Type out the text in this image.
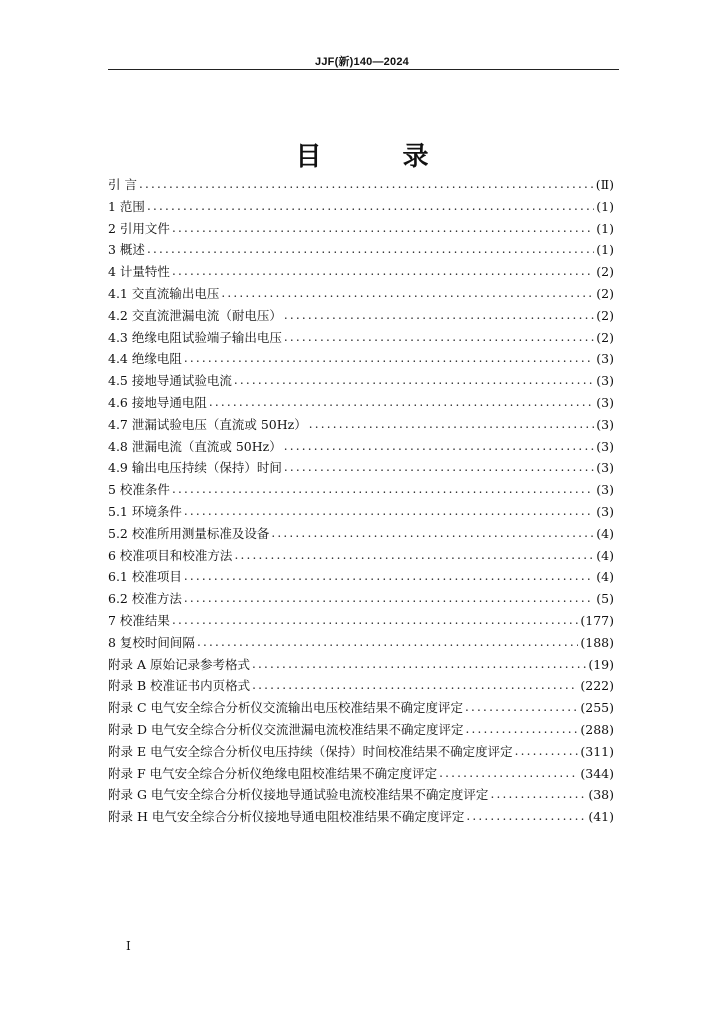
JJF(新)140—2024
目 录
引 言 .....	(Ⅱ)
1 范围 .....	(1)
2 引用文件 .....	(1)
3 概述 .....	(1)
4 计量特性 .....	(2)
4.1 交直流输出电压 .....	(2)
4.2 交直流泄漏电流（耐电压） .....	(2)
4.3 绝缘电阻试验端子输出电压 .....	(2)
4.4 绝缘电阻 .....	(3)
4.5 接地导通试验电流 .....	(3)
4.6 接地导通电阻 .....	(3)
4.7 泄漏试验电压（直流或 50Hz） .....	(3)
4.8 泄漏电流（直流或 50Hz） .....	(3)
4.9 输出电压持续（保持）时间 .....	(3)
5 校准条件 .....	(3)
5.1 环境条件 .....	(3)
5.2 校准所用测量标准及设备 .....	(4)
6 校准项目和校准方法 .....	(4)
6.1 校准项目 .....	(4)
6.2 校准方法 .....	(5)
7 校准结果 .....	(177)
8 复校时间间隔 .....	(188)
附录 A 原始记录参考格式 .....	(19)
附录 B 校准证书内页格式 .....	(222)
附录 C 电气安全综合分析仪交流输出电压校准结果不确定度评定 .....	(255)
附录 D 电气安全综合分析仪交流泄漏电流校准结果不确定度评定 .....	(288)
附录 E 电气安全综合分析仪电压持续（保持）时间校准结果不确定度评定 .....	(311)
附录 F 电气安全综合分析仪绝缘电阻校准结果不确定度评定 .....	(344)
附录 G 电气安全综合分析仪接地导通试验电流校准结果不确定度评定 .....	(38)
附录 H 电气安全综合分析仪接地导通电阻校准结果不确定度评定 .....	(41)
I
